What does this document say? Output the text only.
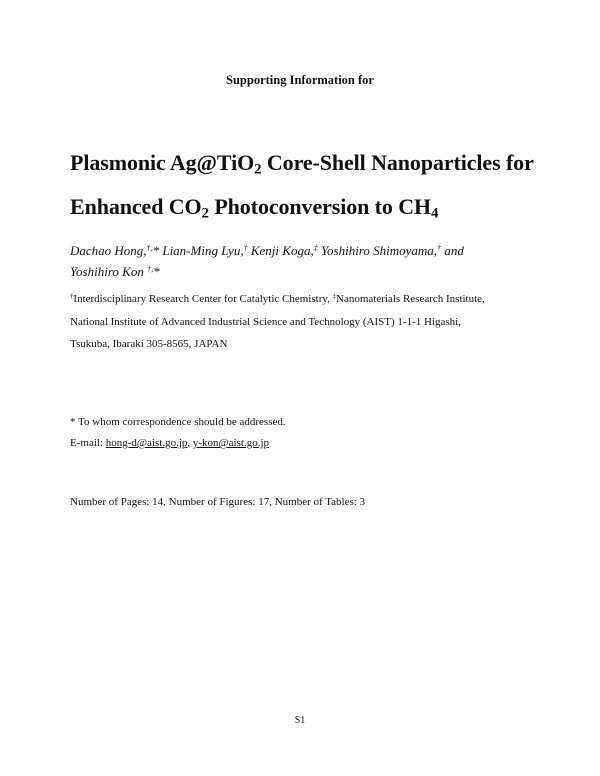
Supporting Information for
Plasmonic Ag@TiO$_2$ Core-Shell Nanoparticles for
Enhanced $CO_2$ Photoconversion to $CH_4$
Dachao Hong,†,* Lian-Ming Lyu,† Kenji Koga,‡ Yoshihiro Shimoyama,† and
Yoshihiro Kon †,*
†Interdisciplinary Research Center for Catalytic Chemistry, ‡Nanomaterials Research Institute,
National Institute of Advanced Industrial Science and Technology (AIST) 1-1-1 Higashi,
Tsukuba, Ibaraki 305-8565, JAPAN
* To whom correspondence should be addressed.
E-mail: hong-d@aist.go.jp, y-kon@aist.go.jp
Number of Pages: 14, Number of Figures: 17, Number of Tables: 3
S1
